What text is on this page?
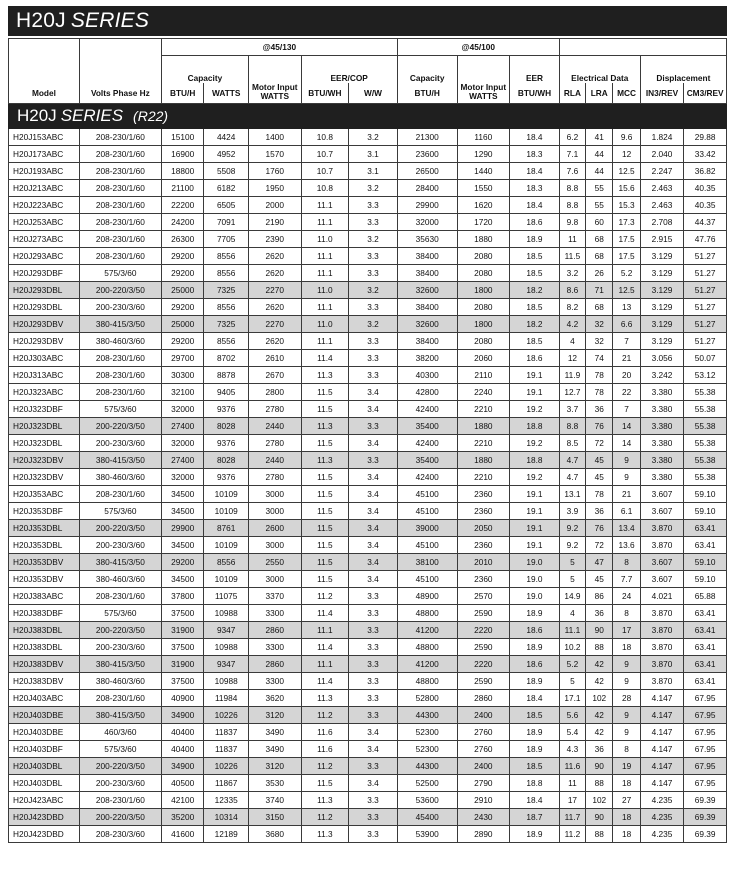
H20J SERIES
		@45/130					@45/100							
		Capacity		Motor Input WATTS	EER/COP		Capacity	Motor Input WATTS	EER	Electrical Data			Displacement	
Model	Volts Phase Hz	BTU/H	WATTS		BTU/WH	W/W	BTU/H		BTU/WH	RLA	LRA	MCC	IN3/REV	CM3/REV
H20J SERIES (R22)														
H20J153ABC	208-230/1/60	15100	4424	1400	10.8	3.2	21300	1160	18.4	6.2	41	9.6	1.824	29.88
H20J173ABC	208-230/1/60	16900	4952	1570	10.7	3.1	23600	1290	18.3	7.1	44	12	2.040	33.42
H20J193ABC	208-230/1/60	18800	5508	1760	10.7	3.1	26500	1440	18.4	7.6	44	12.5	2.247	36.82
H20J213ABC	208-230/1/60	21100	6182	1950	10.8	3.2	28400	1550	18.3	8.8	55	15.6	2.463	40.35
H20J223ABC	208-230/1/60	22200	6505	2000	11.1	3.3	29900	1620	18.4	8.8	55	15.3	2.463	40.35
H20J253ABC	208-230/1/60	24200	7091	2190	11.1	3.3	32000	1720	18.6	9.8	60	17.3	2.708	44.37
H20J273ABC	208-230/1/60	26300	7705	2390	11.0	3.2	35630	1880	18.9	11	68	17.5	2.915	47.76
H20J293ABC	208-230/1/60	29200	8556	2620	11.1	3.3	38400	2080	18.5	11.5	68	17.5	3.129	51.27
H20J293DBF	575/3/60	29200	8556	2620	11.1	3.3	38400	2080	18.5	3.2	26	5.2	3.129	51.27
H20J293DBL	200-220/3/50	25000	7325	2270	11.0	3.2	32600	1800	18.2	8.6	71	12.5	3.129	51.27
H20J293DBL	200-230/3/60	29200	8556	2620	11.1	3.3	38400	2080	18.5	8.2	68	13	3.129	51.27
H20J293DBV	380-415/3/50	25000	7325	2270	11.0	3.2	32600	1800	18.2	4.2	32	6.6	3.129	51.27
H20J293DBV	380-460/3/60	29200	8556	2620	11.1	3.3	38400	2080	18.5	4	32	7	3.129	51.27
H20J303ABC	208-230/1/60	29700	8702	2610	11.4	3.3	38200	2060	18.6	12	74	21	3.056	50.07
H20J313ABC	208-230/1/60	30300	8878	2670	11.3	3.3	40300	2110	19.1	11.9	78	20	3.242	53.12
H20J323ABC	208-230/1/60	32100	9405	2800	11.5	3.4	42800	2240	19.1	12.7	78	22	3.380	55.38
H20J323DBF	575/3/60	32000	9376	2780	11.5	3.4	42400	2210	19.2	3.7	36	7	3.380	55.38
H20J323DBL	200-220/3/50	27400	8028	2440	11.3	3.3	35400	1880	18.8	8.8	76	14	3.380	55.38
H20J323DBL	200-230/3/60	32000	9376	2780	11.5	3.4	42400	2210	19.2	8.5	72	14	3.380	55.38
H20J323DBV	380-415/3/50	27400	8028	2440	11.3	3.3	35400	1880	18.8	4.7	45	9	3.380	55.38
H20J323DBV	380-460/3/60	32000	9376	2780	11.5	3.4	42400	2210	19.2	4.7	45	9	3.380	55.38
H20J353ABC	208-230/1/60	34500	10109	3000	11.5	3.4	45100	2360	19.1	13.1	78	21	3.607	59.10
H20J353DBF	575/3/60	34500	10109	3000	11.5	3.4	45100	2360	19.1	3.9	36	6.1	3.607	59.10
H20J353DBL	200-220/3/50	29900	8761	2600	11.5	3.4	39000	2050	19.1	9.2	76	13.4	3.870	63.41
H20J353DBL	200-230/3/60	34500	10109	3000	11.5	3.4	45100	2360	19.1	9.2	72	13.6	3.870	63.41
H20J353DBV	380-415/3/50	29200	8556	2550	11.5	3.4	38100	2010	19.0	5	47	8	3.607	59.10
H20J353DBV	380-460/3/60	34500	10109	3000	11.5	3.4	45100	2360	19.0	5	45	7.7	3.607	59.10
H20J383ABC	208-230/1/60	37800	11075	3370	11.2	3.3	48900	2570	19.0	14.9	86	24	4.021	65.88
H20J383DBF	575/3/60	37500	10988	3300	11.4	3.3	48800	2590	18.9	4	36	8	3.870	63.41
H20J383DBL	200-220/3/50	31900	9347	2860	11.1	3.3	41200	2220	18.6	11.1	90	17	3.870	63.41
H20J383DBL	200-230/3/60	37500	10988	3300	11.4	3.3	48800	2590	18.9	10.2	88	18	3.870	63.41
H20J383DBV	380-415/3/50	31900	9347	2860	11.1	3.3	41200	2220	18.6	5.2	42	9	3.870	63.41
H20J383DBV	380-460/3/60	37500	10988	3300	11.4	3.3	48800	2590	18.9	5	42	9	3.870	63.41
H20J403ABC	208-230/1/60	40900	11984	3620	11.3	3.3	52800	2860	18.4	17.1	102	28	4.147	67.95
H20J403DBE	380-415/3/50	34900	10226	3120	11.2	3.3	44300	2400	18.5	5.6	42	9	4.147	67.95
H20J403DBE	460/3/60	40400	11837	3490	11.6	3.4	52300	2760	18.9	5.4	42	9	4.147	67.95
H20J403DBF	575/3/60	40400	11837	3490	11.6	3.4	52300	2760	18.9	4.3	36	8	4.147	67.95
H20J403DBL	200-220/3/50	34900	10226	3120	11.2	3.3	44300	2400	18.5	11.6	90	19	4.147	67.95
H20J403DBL	200-230/3/60	40500	11867	3530	11.5	3.4	52500	2790	18.8	11	88	18	4.147	67.95
H20J423ABC	208-230/1/60	42100	12335	3740	11.3	3.3	53600	2910	18.4	17	102	27	4.235	69.39
H20J423DBD	200-220/3/50	35200	10314	3150	11.2	3.3	45400	2430	18.7	11.7	90	18	4.235	69.39
H20J423DBD	208-230/3/60	41600	12189	3680	11.3	3.3	53900	2890	18.9	11.2	88	18	4.235	69.39
